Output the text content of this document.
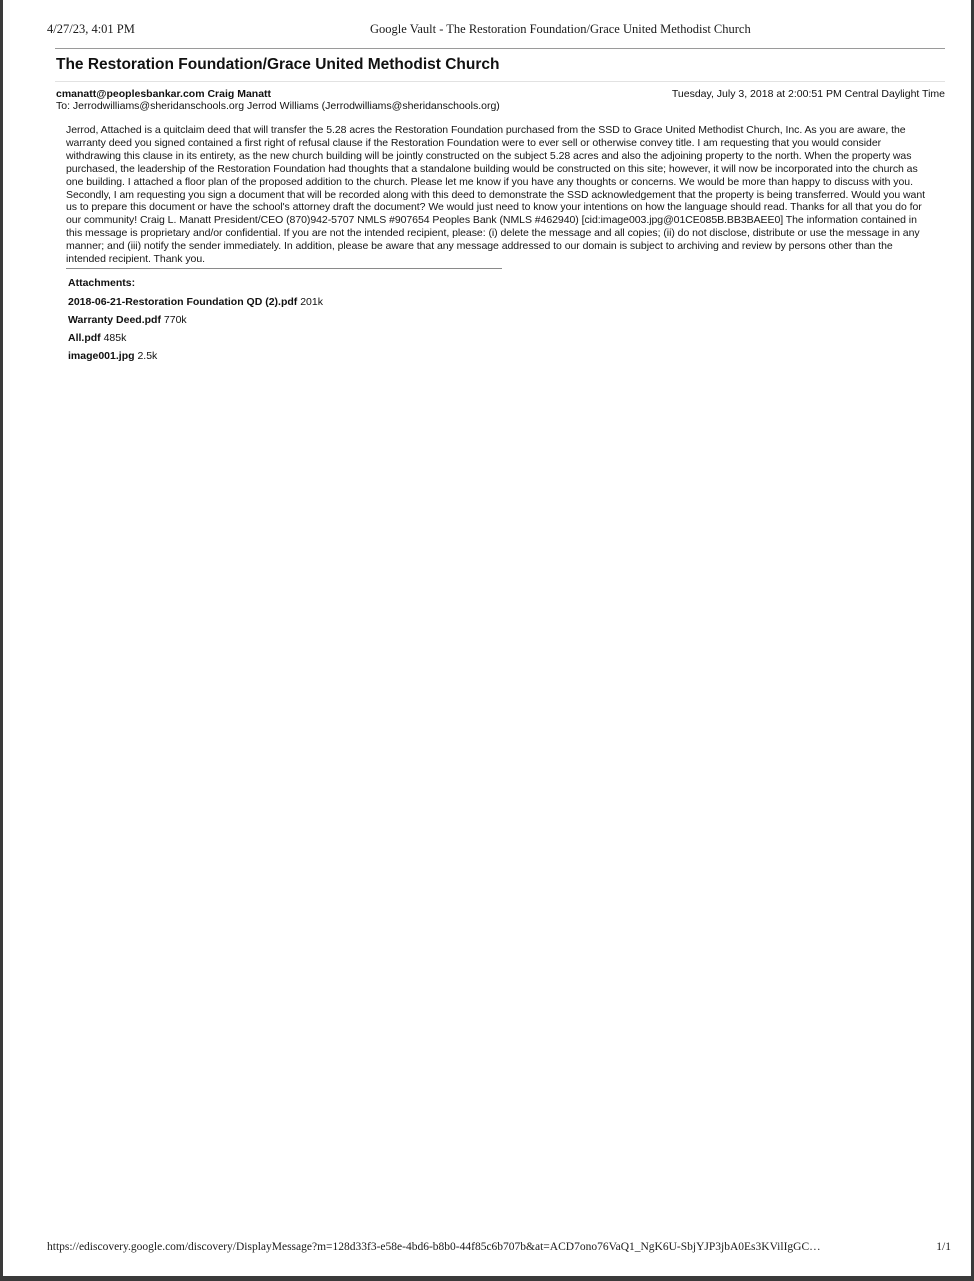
4/27/23, 4:01 PM	Google Vault - The Restoration Foundation/Grace United Methodist Church
The Restoration Foundation/Grace United Methodist Church
cmanatt@peoplesbankar.com Craig Manatt	Tuesday, July 3, 2018 at 2:00:51 PM Central Daylight Time
To: Jerrodwilliams@sheridanschools.org Jerrod Williams (Jerrodwilliams@sheridanschools.org)

Jerrod, Attached is a quitclaim deed that will transfer the 5.28 acres the Restoration Foundation purchased from the SSD to Grace United Methodist Church, Inc. As you are aware, the warranty deed you signed contained a first right of refusal clause if the Restoration Foundation were to ever sell or otherwise convey title. I am requesting that you would consider withdrawing this clause in its entirety, as the new church building will be jointly constructed on the subject 5.28 acres and also the adjoining property to the north. When the property was purchased, the leadership of the Restoration Foundation had thoughts that a standalone building would be constructed on this site; however, it will now be incorporated into the church as one building. I attached a floor plan of the proposed addition to the church. Please let me know if you have any thoughts or concerns. We would be more than happy to discuss with you. Secondly, I am requesting you sign a document that will be recorded along with this deed to demonstrate the SSD acknowledgement that the property is being transferred. Would you want us to prepare this document or have the school's attorney draft the document? We would just need to know your intentions on how the language should read. Thanks for all that you do for our community! Craig L. Manatt President/CEO (870)942-5707 NMLS #907654 Peoples Bank (NMLS #462940) [cid:image003.jpg@01CE085B.BB3BAEE0] The information contained in this message is proprietary and/or confidential. If you are not the intended recipient, please: (i) delete the message and all copies; (ii) do not disclose, distribute or use the message in any manner; and (iii) notify the sender immediately. In addition, please be aware that any message addressed to our domain is subject to archiving and review by persons other than the intended recipient. Thank you.

Attachments:
2018-06-21-Restoration Foundation QD (2).pdf 201k
Warranty Deed.pdf 770k
All.pdf 485k
image001.jpg 2.5k
https://ediscovery.google.com/discovery/DisplayMessage?m=128d33f3-e58e-4bd6-b8b0-44f85c6b707b&at=ACD7ono76VaQ1_NgK6U-SbjYJP3jbA0Es3KVilIgGC…	1/1
